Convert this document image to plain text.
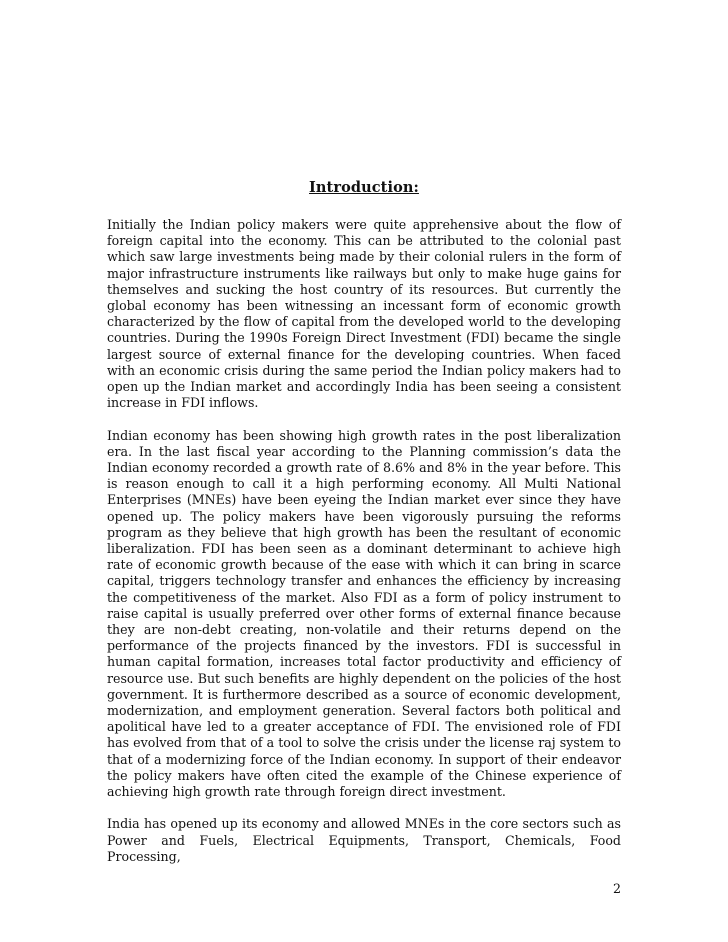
Introduction:

Initially the Indian policy makers were quite apprehensive about the flow of foreign capital into the economy. This can be attributed to the colonial past which saw large investments being made by their colonial rulers in the form of major infrastructure instruments like railways but only to make huge gains for themselves and sucking the host country of its resources. But currently the global economy has been witnessing an incessant form of economic growth characterized by the flow of capital from the developed world to the developing countries. During the 1990s Foreign Direct Investment (FDI) became the single largest source of external finance for the developing countries. When faced with an economic crisis during the same period the Indian policy makers had to open up the Indian market and accordingly India has been seeing a consistent increase in FDI inflows.

Indian economy has been showing high growth rates in the post liberalization era. In the last fiscal year according to the Planning commission’s data the Indian economy recorded a growth rate of 8.6% and 8% in the year before. This is reason enough to call it a high performing economy. All Multi National Enterprises (MNEs) have been eyeing the Indian market ever since they have opened up. The policy makers have been vigorously pursuing the reforms program as they believe that high growth has been the resultant of economic liberalization. FDI has been seen as a dominant determinant to achieve high rate of economic growth because of the ease with which it can bring in scarce capital, triggers technology transfer and enhances the efficiency by increasing the competitiveness of the market. Also FDI as a form of policy instrument to raise capital is usually preferred over other forms of external finance because they are non-debt creating, non-volatile and their returns depend on the performance of the projects financed by the investors. FDI is successful in human capital formation, increases total factor productivity and efficiency of resource use. But such benefits are highly dependent on the policies of the host government. It is furthermore described as a source of economic development, modernization, and employment generation. Several factors both political and apolitical have led to a greater acceptance of FDI. The envisioned role of FDI has evolved from that of a tool to solve the crisis under the license raj system to that of a modernizing force of the Indian economy. In support of their endeavor the policy makers have often cited the example of the Chinese experience of achieving high growth rate through foreign direct investment.

India has opened up its economy and allowed MNEs in the core sectors such as Power and Fuels, Electrical Equipments, Transport, Chemicals, Food Processing,

2
